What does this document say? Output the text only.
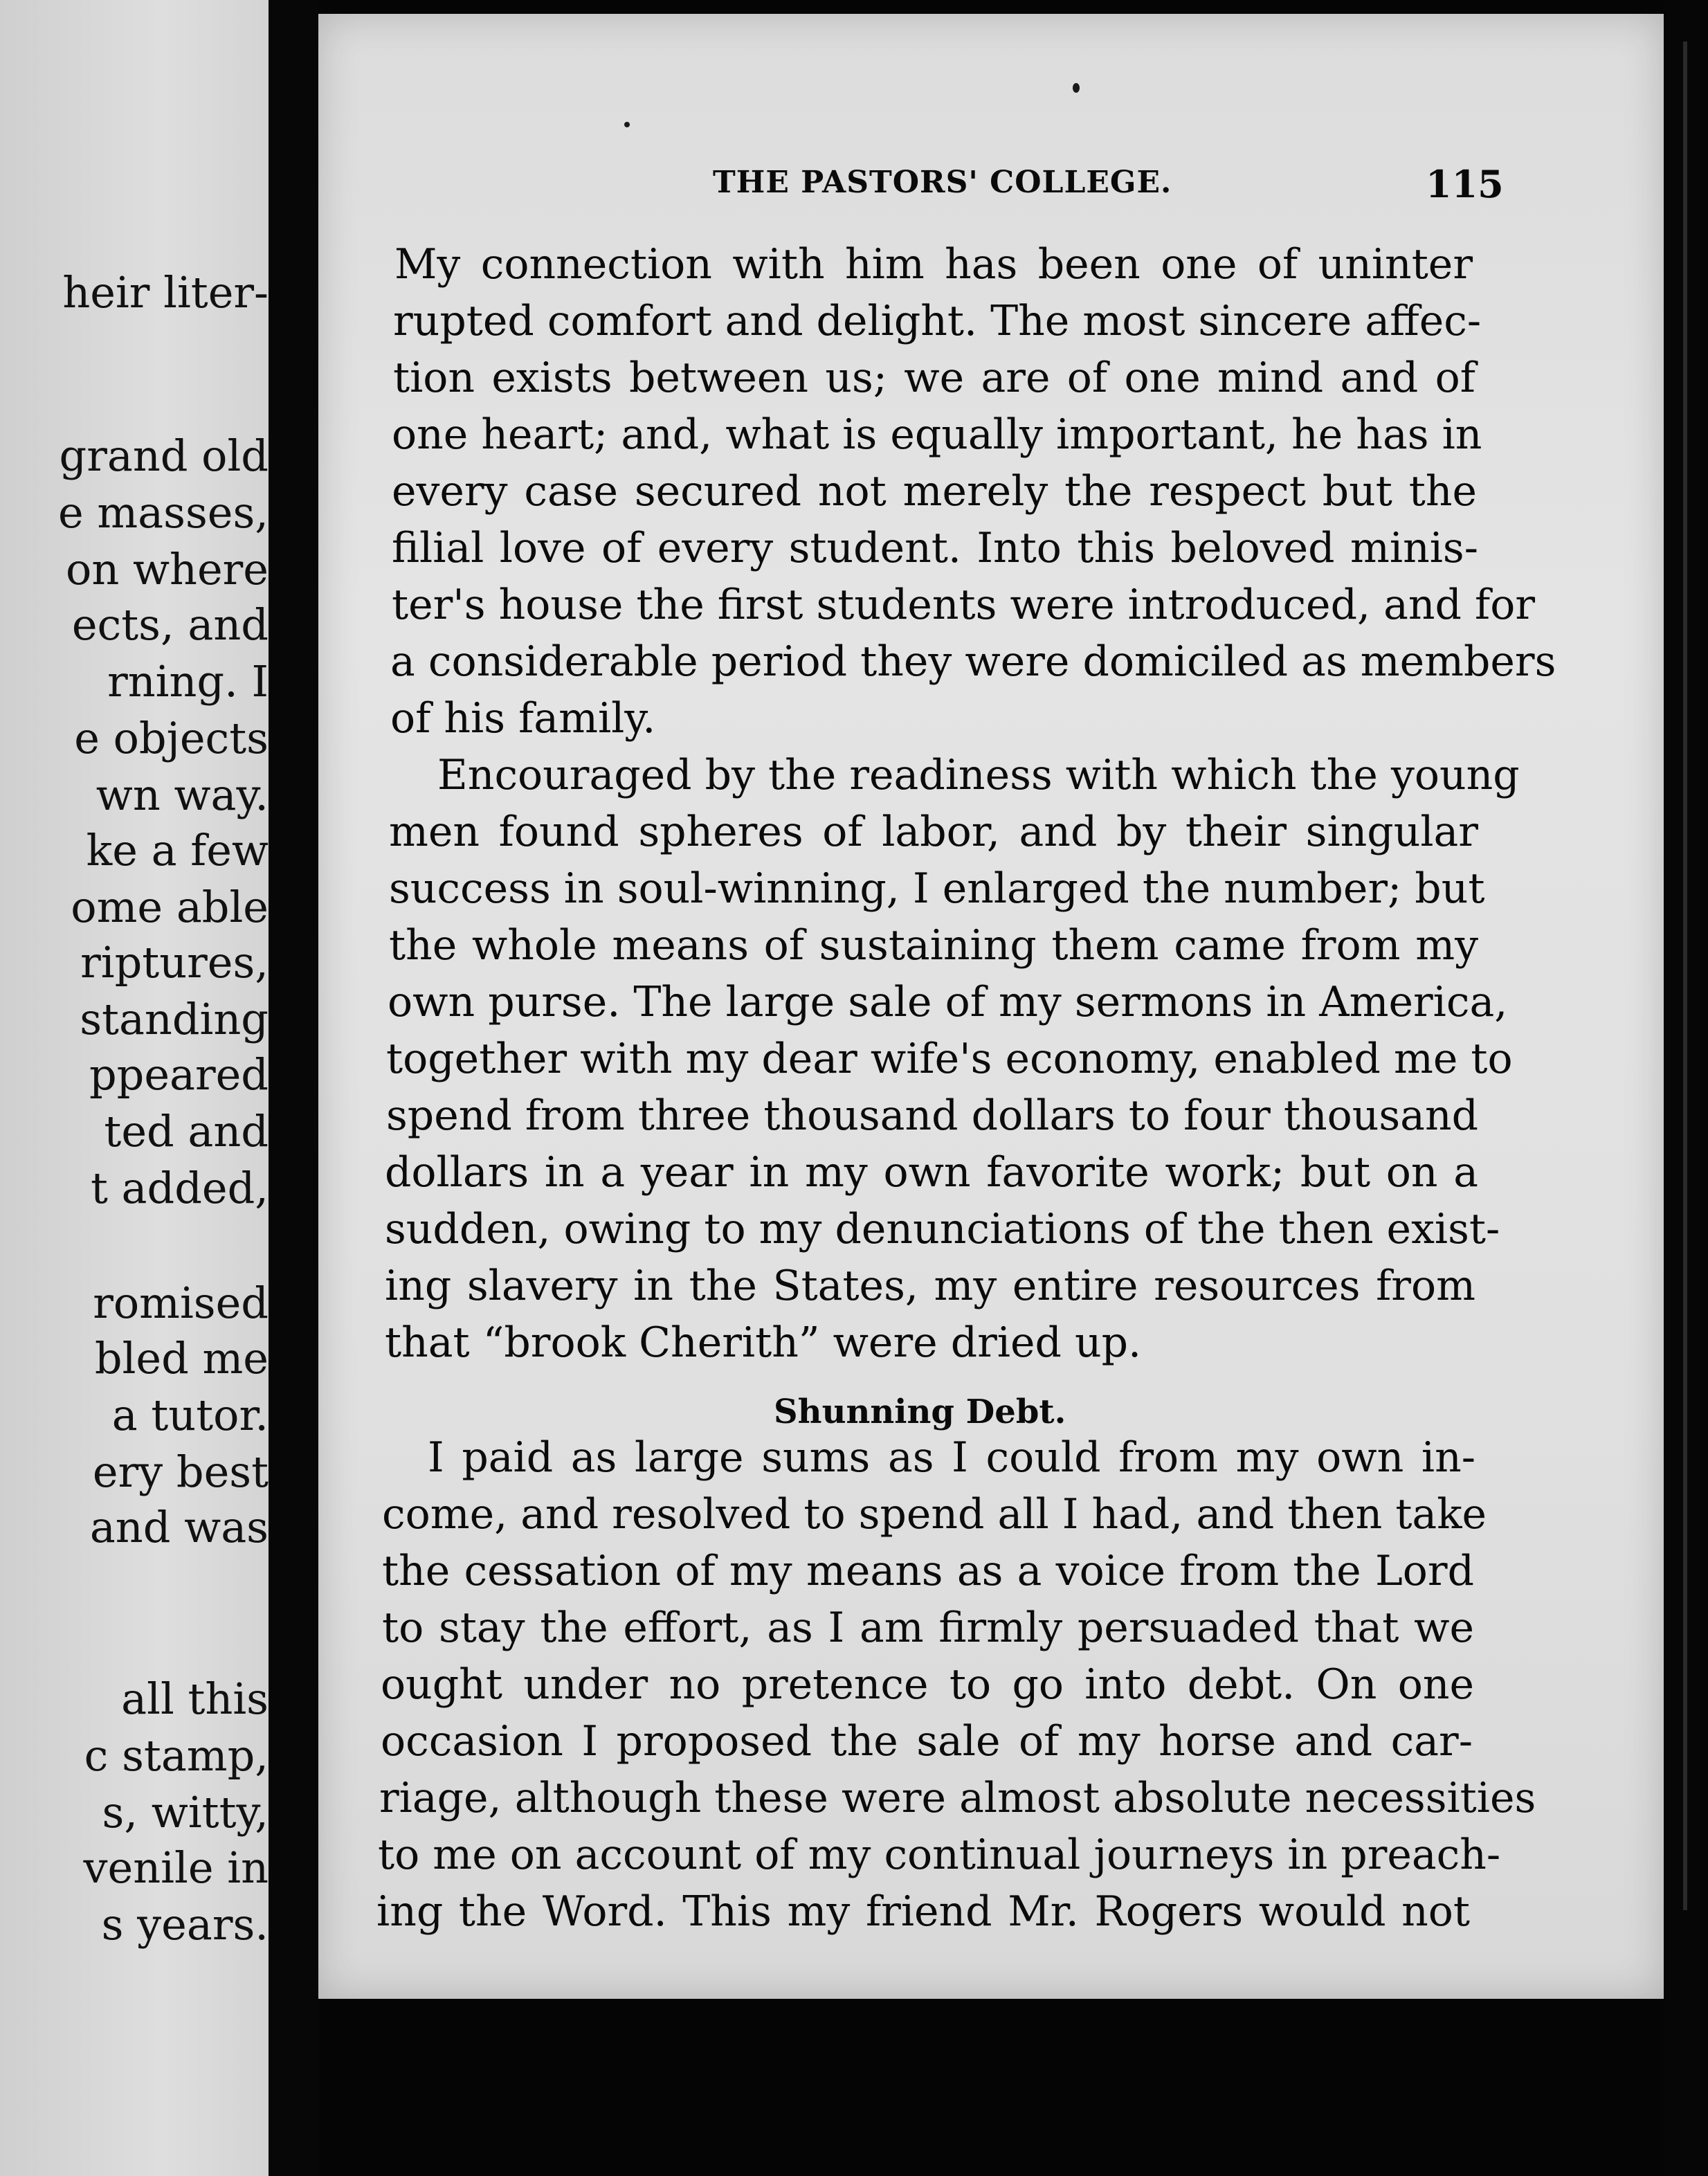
heir liter-
grand old
e masses,
on where
ects, and
rning. I
e objects
wn way.
ke a few
ome able
riptures,
standing
ppeared
ted and
t added,
romised
bled me
a tutor.
ery best
and was
all this
c stamp,
s, witty,
venile in
s years.
THE PASTORS' COLLEGE.	115
My connection with him has been one of uninter
rupted comfort and delight. The most sincere affec-
tion exists between us; we are of one mind and of
one heart; and, what is equally important, he has in
every case secured not merely the respect but the
filial love of every student. Into this beloved minis-
ter's house the first students were introduced, and for
a considerable period they were domiciled as members
of his family.
Encouraged by the readiness with which the young
men found spheres of labor, and by their singular
success in soul-winning, I enlarged the number; but
the whole means of sustaining them came from my
own purse. The large sale of my sermons in America,
together with my dear wife's economy, enabled me to
spend from three thousand dollars to four thousand
dollars in a year in my own favorite work; but on a
sudden, owing to my denunciations of the then exist-
ing slavery in the States, my entire resources from
that “brook Cherith” were dried up.
Shunning Debt.
I paid as large sums as I could from my own in-
come, and resolved to spend all I had, and then take
the cessation of my means as a voice from the Lord
to stay the effort, as I am firmly persuaded that we
ought under no pretence to go into debt. On one
occasion I proposed the sale of my horse and car-
riage, although these were almost absolute necessities
to me on account of my continual journeys in preach-
ing the Word. This my friend Mr. Rogers would not
